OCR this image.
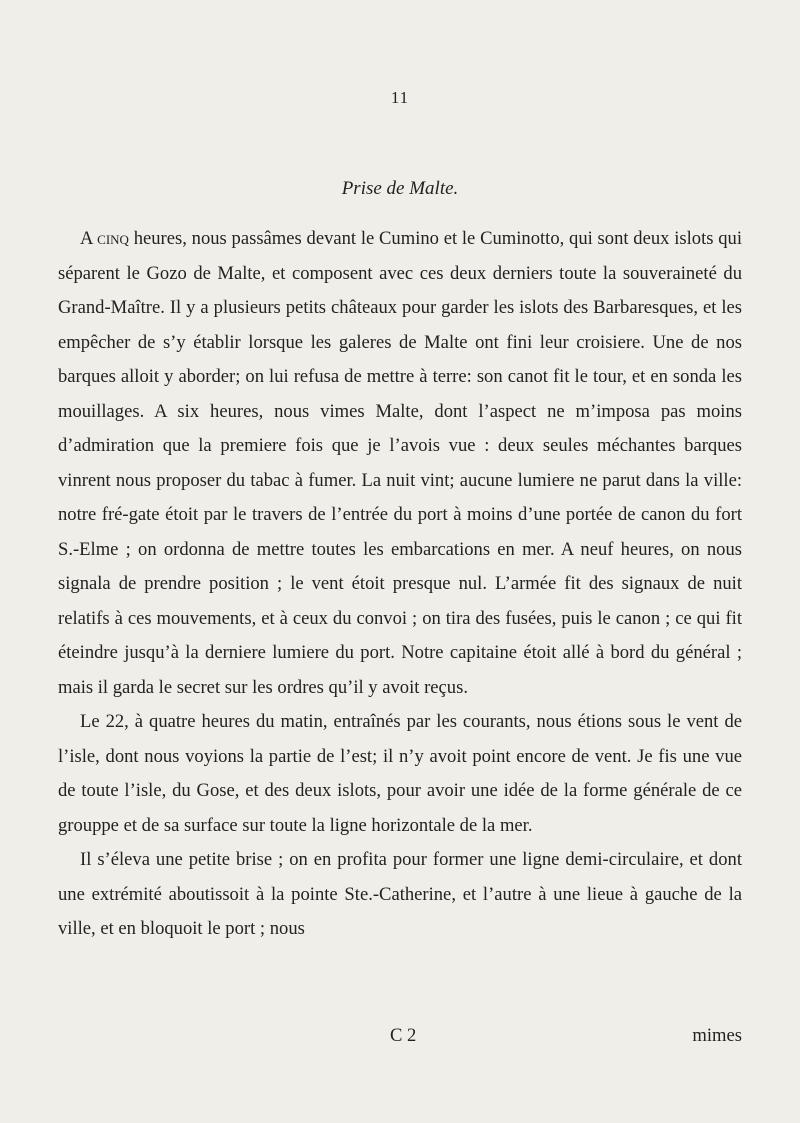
11
Prise de Malte.

A cinq heures, nous passâmes devant le Cumino et le Cuminotto, qui sont deux islots qui séparent le Gozo de Malte, et composent avec ces deux derniers toute la souveraineté du Grand-Maître. Il y a plusieurs petits châteaux pour garder les islots des Barbaresques, et les empêcher de s’y établir lorsque les galeres de Malte ont fini leur croisiere. Une de nos barques alloit y aborder; on lui refusa de mettre à terre: son canot fit le tour, et en sonda les mouillages. A six heures, nous vimes Malte, dont l’aspect ne m’imposa pas moins d’admiration que la premiere fois que je l’avois vue : deux seules méchantes barques vinrent nous proposer du tabac à fumer. La nuit vint; aucune lumiere ne parut dans la ville: notre fré-gate étoit par le travers de l’entrée du port à moins d’une portée de canon du fort S.-Elme ; on ordonna de mettre toutes les embarcations en mer. A neuf heures, on nous signala de prendre position ; le vent étoit presque nul. L’armée fit des signaux de nuit relatifs à ces mouvements, et à ceux du convoi ; on tira des fusées, puis le canon ; ce qui fit éteindre jusqu’à la derniere lumiere du port. Notre capitaine étoit allé à bord du général ; mais il garda le secret sur les ordres qu’il y avoit reçus.

Le 22, à quatre heures du matin, entraînés par les courants, nous étions sous le vent de l’isle, dont nous voyions la partie de l’est; il n’y avoit point encore de vent. Je fis une vue de toute l’isle, du Gose, et des deux islots, pour avoir une idée de la forme générale de ce grouppe et de sa surface sur toute la ligne horizontale de la mer.

Il s’éleva une petite brise ; on en profita pour former une ligne demi-circulaire, et dont une extrémité aboutissoit à la pointe Ste.-Catherine, et l’autre à une lieue à gauche de la ville, et en bloquoit le port ; nous

C 2	mimes
